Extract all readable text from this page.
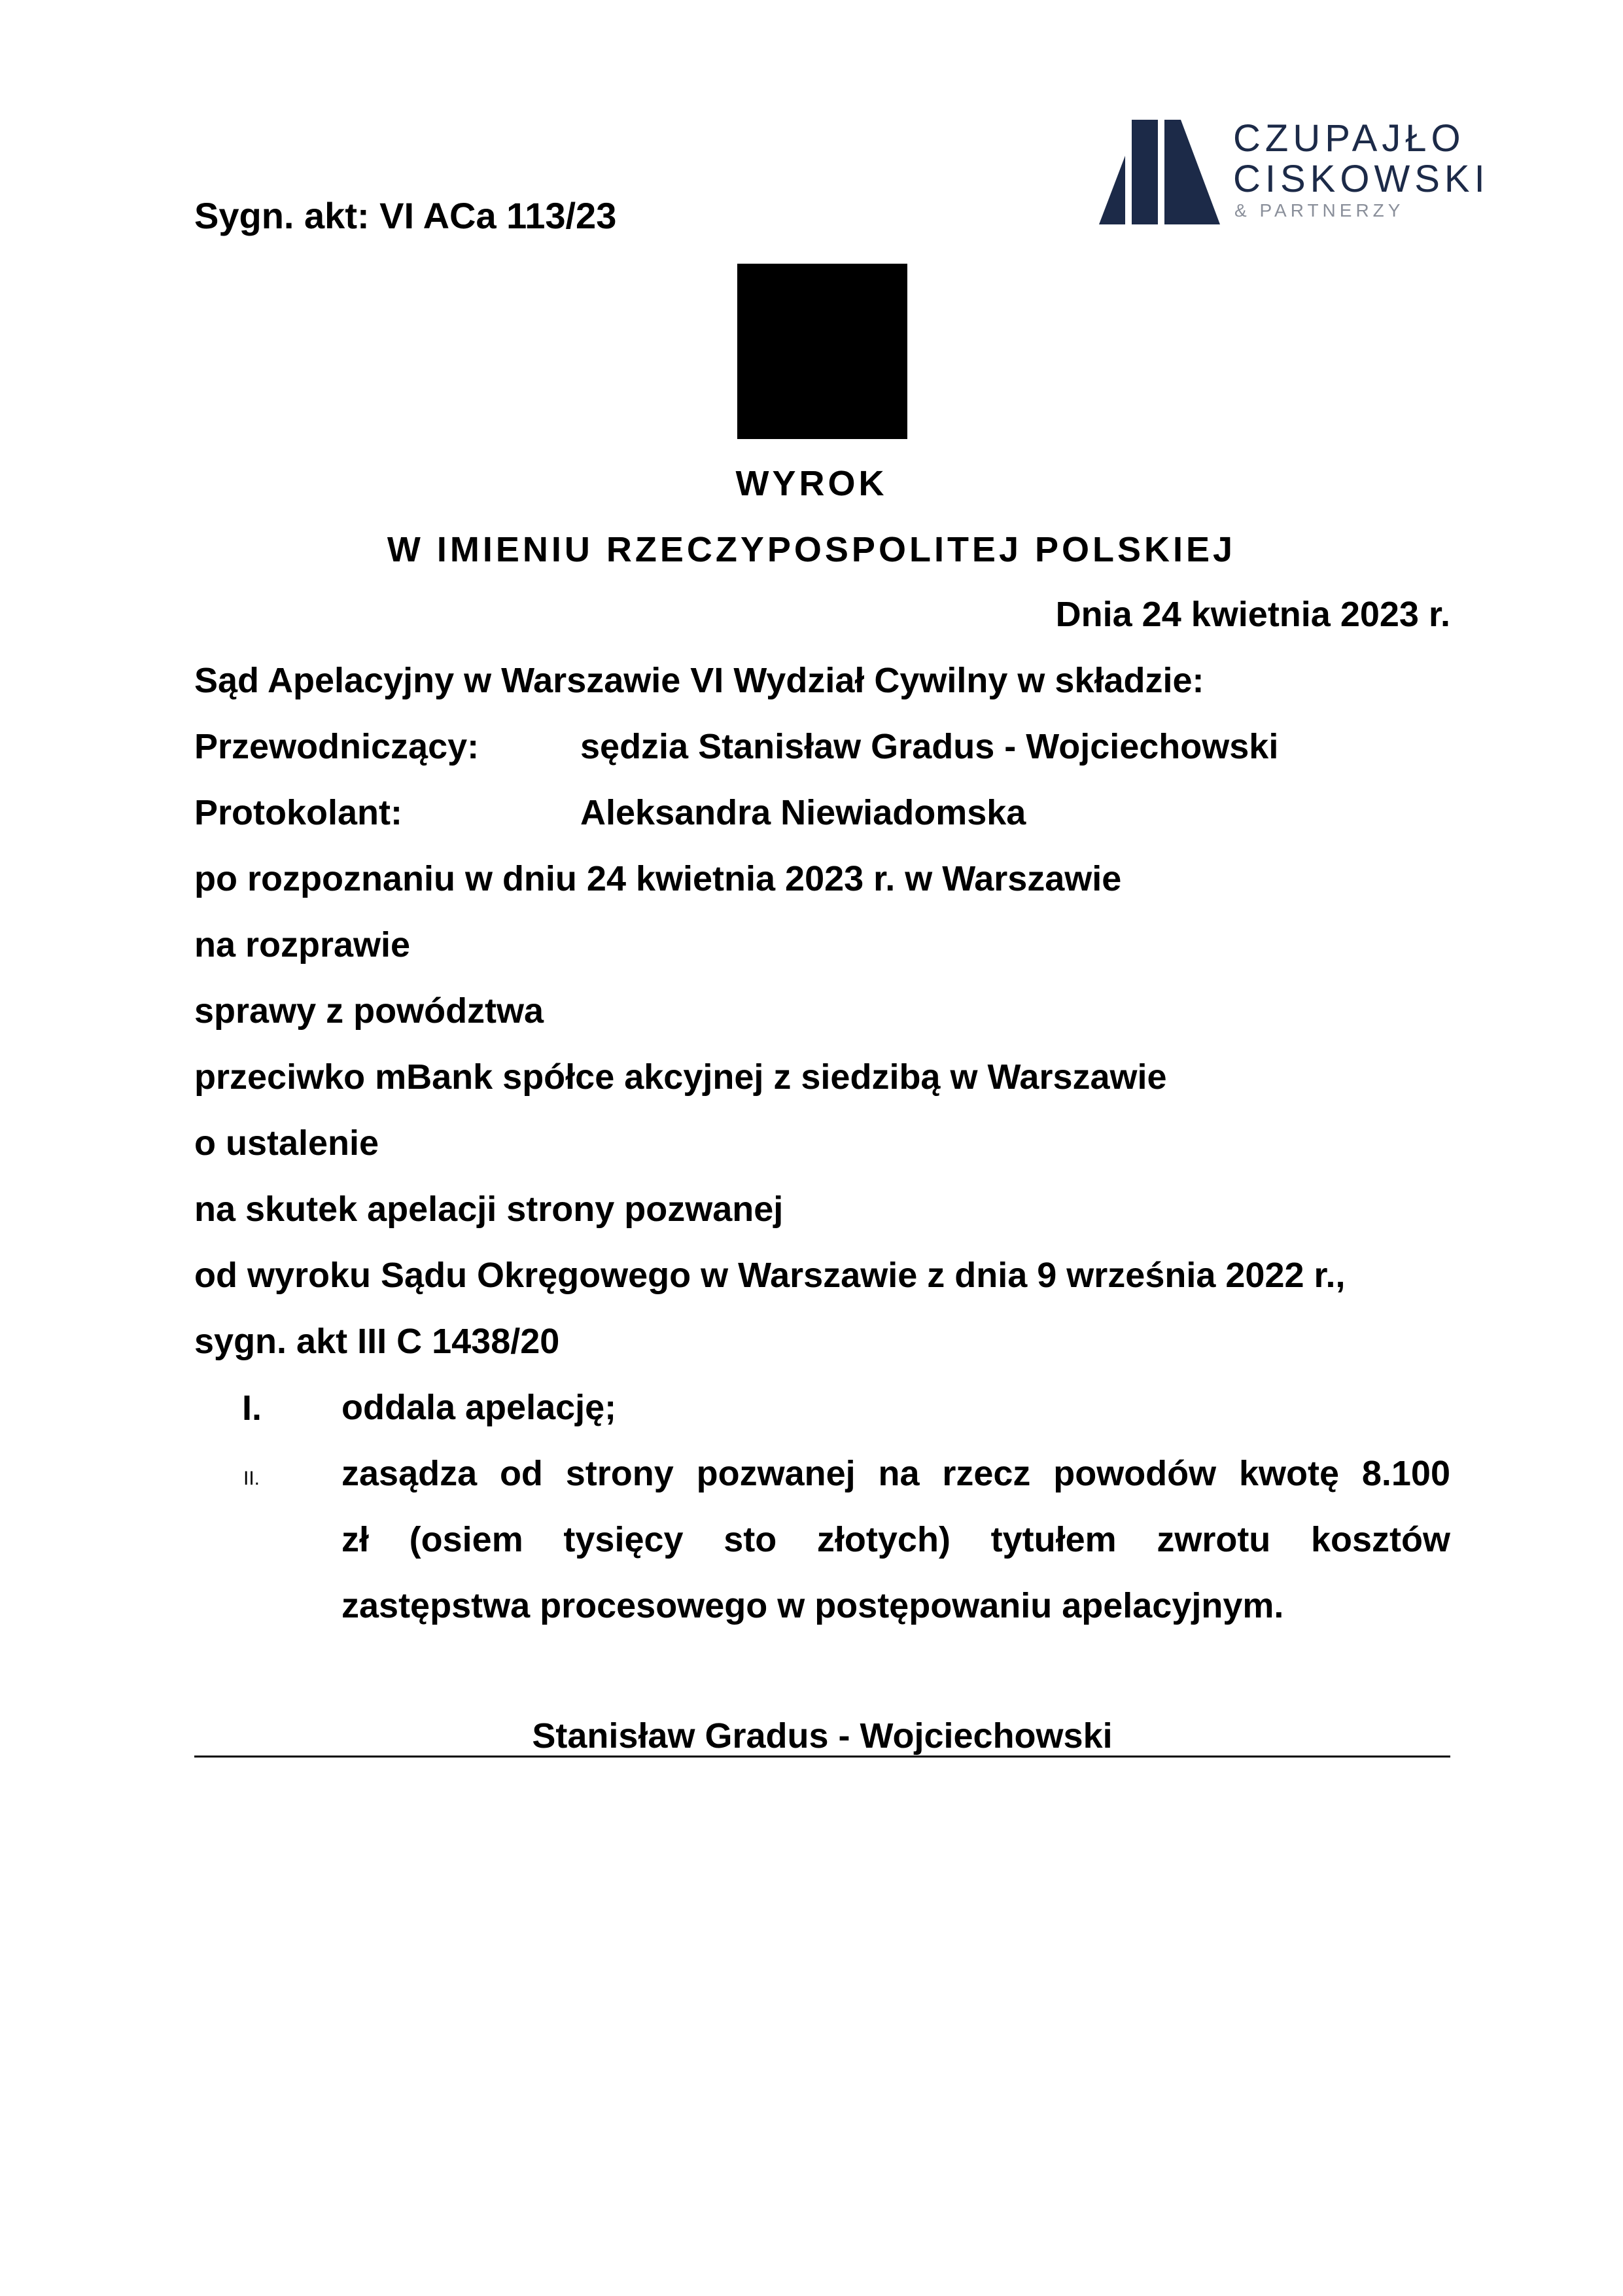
CZUPAJŁO
CISKOWSKI
& PARTNERZY
Sygn. akt: VI ACa 113/23
WYROK
W IMIENIU RZECZYPOSPOLITEJ POLSKIEJ
Dnia 24 kwietnia 2023 r.
Sąd Apelacyjny w Warszawie VI Wydział Cywilny w składzie:
Przewodniczący:	sędzia Stanisław Gradus - Wojciechowski
Protokolant:	Aleksandra Niewiadomska
po rozpoznaniu w dniu 24 kwietnia 2023 r. w Warszawie
na rozprawie
sprawy z powództwa
przeciwko mBank spółce akcyjnej z siedzibą w Warszawie
o ustalenie
na skutek apelacji strony pozwanej
od wyroku Sądu Okręgowego w Warszawie z dnia 9 września 2022 r.,
sygn. akt III C 1438/20
I. oddala apelację;
II. zasądza od strony pozwanej na rzecz powodów kwotę 8.100
zł (osiem tysięcy sto złotych) tytułem zwrotu kosztów
zastępstwa procesowego w postępowaniu apelacyjnym.
Stanisław Gradus - Wojciechowski
